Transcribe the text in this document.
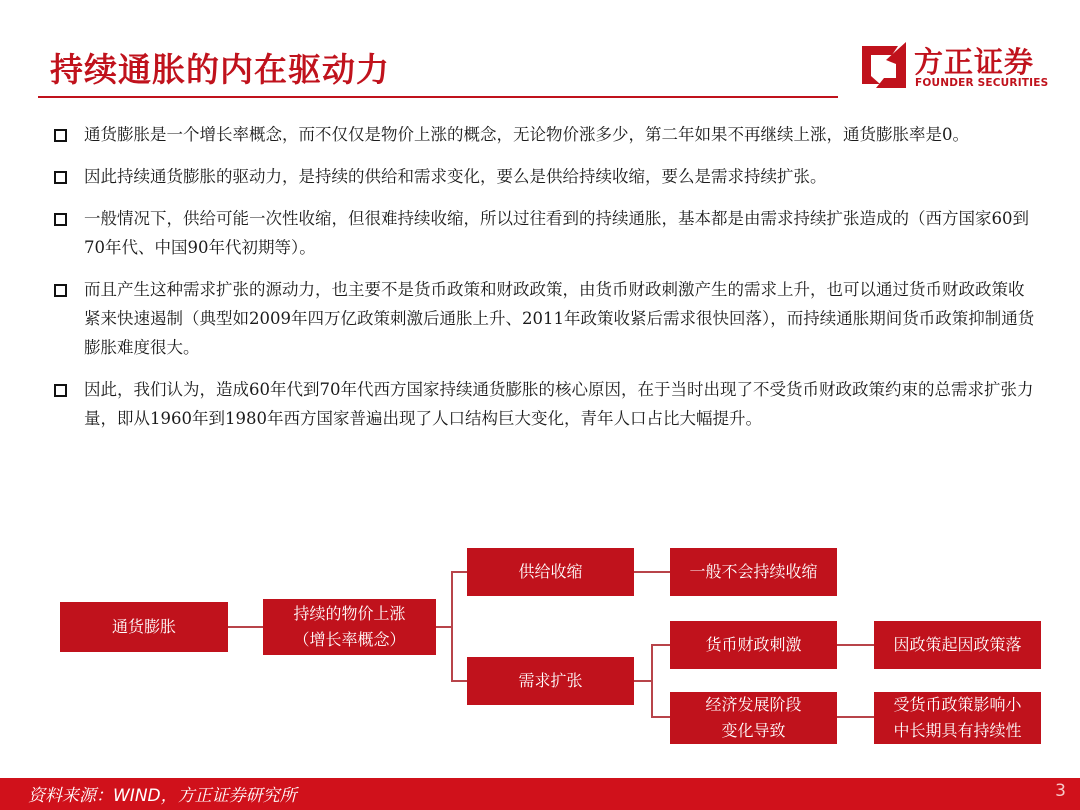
持续通胀的内在驱动力	方正证券
FOUNDER SECURITIES
通货膨胀是一个增长率概念，而不仅仅是物价上涨的概念，无论物价涨多少，第二年如果不再继续上涨，通货膨胀率是0。
因此持续通货膨胀的驱动力，是持续的供给和需求变化，要么是供给持续收缩，要么是需求持续扩张。
一般情况下，供给可能一次性收缩，但很难持续收缩，所以过往看到的持续通胀，基本都是由需求持续扩张造成的（西方国家60到70年代、中国90年代初期等）。
而且产生这种需求扩张的源动力，也主要不是货币政策和财政政策，由货币财政刺激产生的需求上升，也可以通过货币财政政策收紧来快速遏制（典型如2009年四万亿政策刺激后通胀上升、2011年政策收紧后需求很快回落），而持续通胀期间货币政策抑制通货膨胀难度很大。
因此，我们认为，造成60年代到70年代西方国家持续通货膨胀的核心原因，在于当时出现了不受货币财政政策约束的总需求扩张力量，即从1960年到1980年西方国家普遍出现了人口结构巨大变化，青年人口占比大幅提升。
通货膨胀
持续的物价上涨
（增长率概念）
供给收缩	一般不会持续收缩
需求扩张
货币财政刺激	因政策起因政策落
经济发展阶段
变化导致
受货币政策影响小
中长期具有持续性
资料来源：WIND，方正证券研究所	3
